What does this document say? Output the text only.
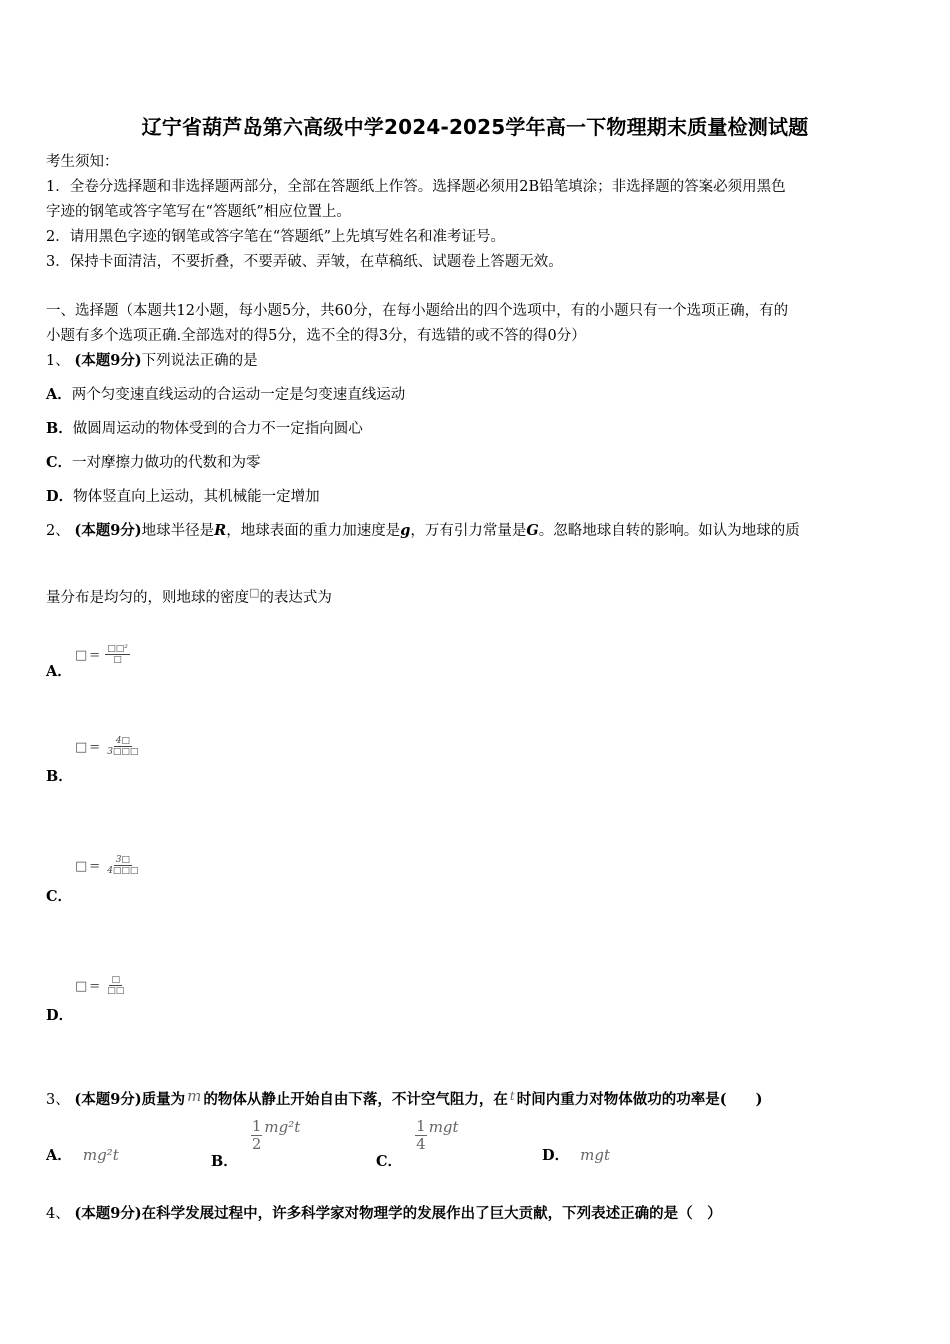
辽宁省葫芦岛第六高级中学2024-2025学年高一下物理期末质量检测试题
考生须知：
1．全卷分选择题和非选择题两部分，全部在答题纸上作答。选择题必须用2B铅笔填涂；非选择题的答案必须用黑色
字迹的钢笔或答字笔写在“答题纸”相应位置上。
2．请用黑色字迹的钢笔或答字笔在“答题纸”上先填写姓名和准考证号。
3．保持卡面清洁，不要折叠，不要弄破、弄皱，在草稿纸、试题卷上答题无效。
一、选择题（本题共12小题，每小题5分，共60分，在每小题给出的四个选项中，有的小题只有一个选项正确，有的
小题有多个选项正确.全部选对的得5分，选不全的得3分，有选错的或不答的得0分）
1、 (本题9分)下列说法正确的是
A．两个匀变速直线运动的合运动一定是匀变速直线运动
B．做圆周运动的物体受到的合力不一定指向圆心
C．一对摩擦力做功的代数和为零
D．物体竖直向上运动，其机械能一定增加
2、 (本题9分)地球半径是R，地球表面的重力加速度是g，万有引力常量是G。忽略地球自转的影响。如认为地球的质
量分布是均匀的，则地球的密度□的表达式为
□ = $\frac{\text{□□²}}{□}$
A．
□ = $\frac{4□}{3□□□}$
B．
□ = $\frac{3□}{4□□□}$
C．
□ = $\frac{□}{□□}$
D．
3、 (本题9分)质量为 m 的物体从静止开始自由下落，不计空气阻力，在 $^t$ 时间内重力对物体做功的功率是(　　)
A． mg²t	B．
$\frac{1}{2} mg^2t$
C．
$\frac{1}{4}$ mgt
D． mgt
4、 (本题9分)在科学发展过程中，许多科学家对物理学的发展作出了巨大贡献，下列表述正确的是（　）
